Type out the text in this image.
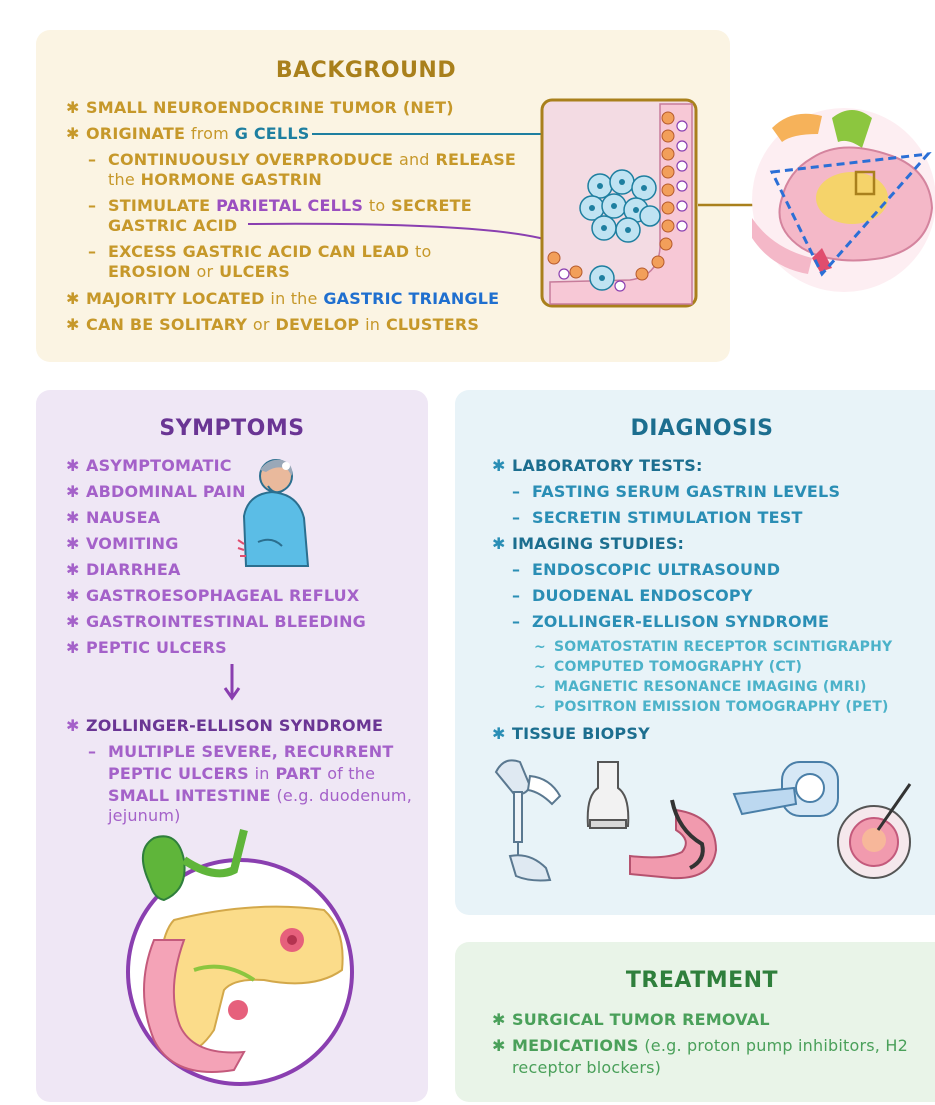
BACKGROUND
✱ SMALL NEUROENDOCRINE TUMOR (NET)
✱ ORIGINATE from G CELLS
– CONTINUOUSLY OVERPRODUCE and RELEASE
the HORMONE GASTRIN
– STIMULATE PARIETAL CELLS to SECRETE
GASTRIC ACID
– EXCESS GASTRIC ACID CAN LEAD to
EROSION or ULCERS
✱ MAJORITY LOCATED in the GASTRIC TRIANGLE
✱ CAN BE SOLITARY or DEVELOP in CLUSTERS
SYMPTOMS
✱ ASYMPTOMATIC
✱ ABDOMINAL PAIN
✱ NAUSEA
✱ VOMITING
✱ DIARRHEA
✱ GASTROESOPHAGEAL REFLUX
✱ GASTROINTESTINAL BLEEDING
✱ PEPTIC ULCERS
✱ ZOLLINGER-ELLISON SYNDROME
– MULTIPLE SEVERE, RECURRENT
PEPTIC ULCERS in PART of the
SMALL INTESTINE (e.g. duodenum,
jejunum)
DIAGNOSIS
✱ LABORATORY TESTS:
– FASTING SERUM GASTRIN LEVELS
– SECRETIN STIMULATION TEST
✱ IMAGING STUDIES:
– ENDOSCOPIC ULTRASOUND
– DUODENAL ENDOSCOPY
– ZOLLINGER-ELLISON SYNDROME
~ SOMATOSTATIN RECEPTOR SCINTIGRAPHY
~ COMPUTED TOMOGRAPHY (CT)
~ MAGNETIC RESONANCE IMAGING (MRI)
~ POSITRON EMISSION TOMOGRAPHY (PET)
✱ TISSUE BIOPSY
TREATMENT
✱ SURGICAL TUMOR REMOVAL
✱ MEDICATIONS (e.g. proton pump inhibitors, H2
receptor blockers)
